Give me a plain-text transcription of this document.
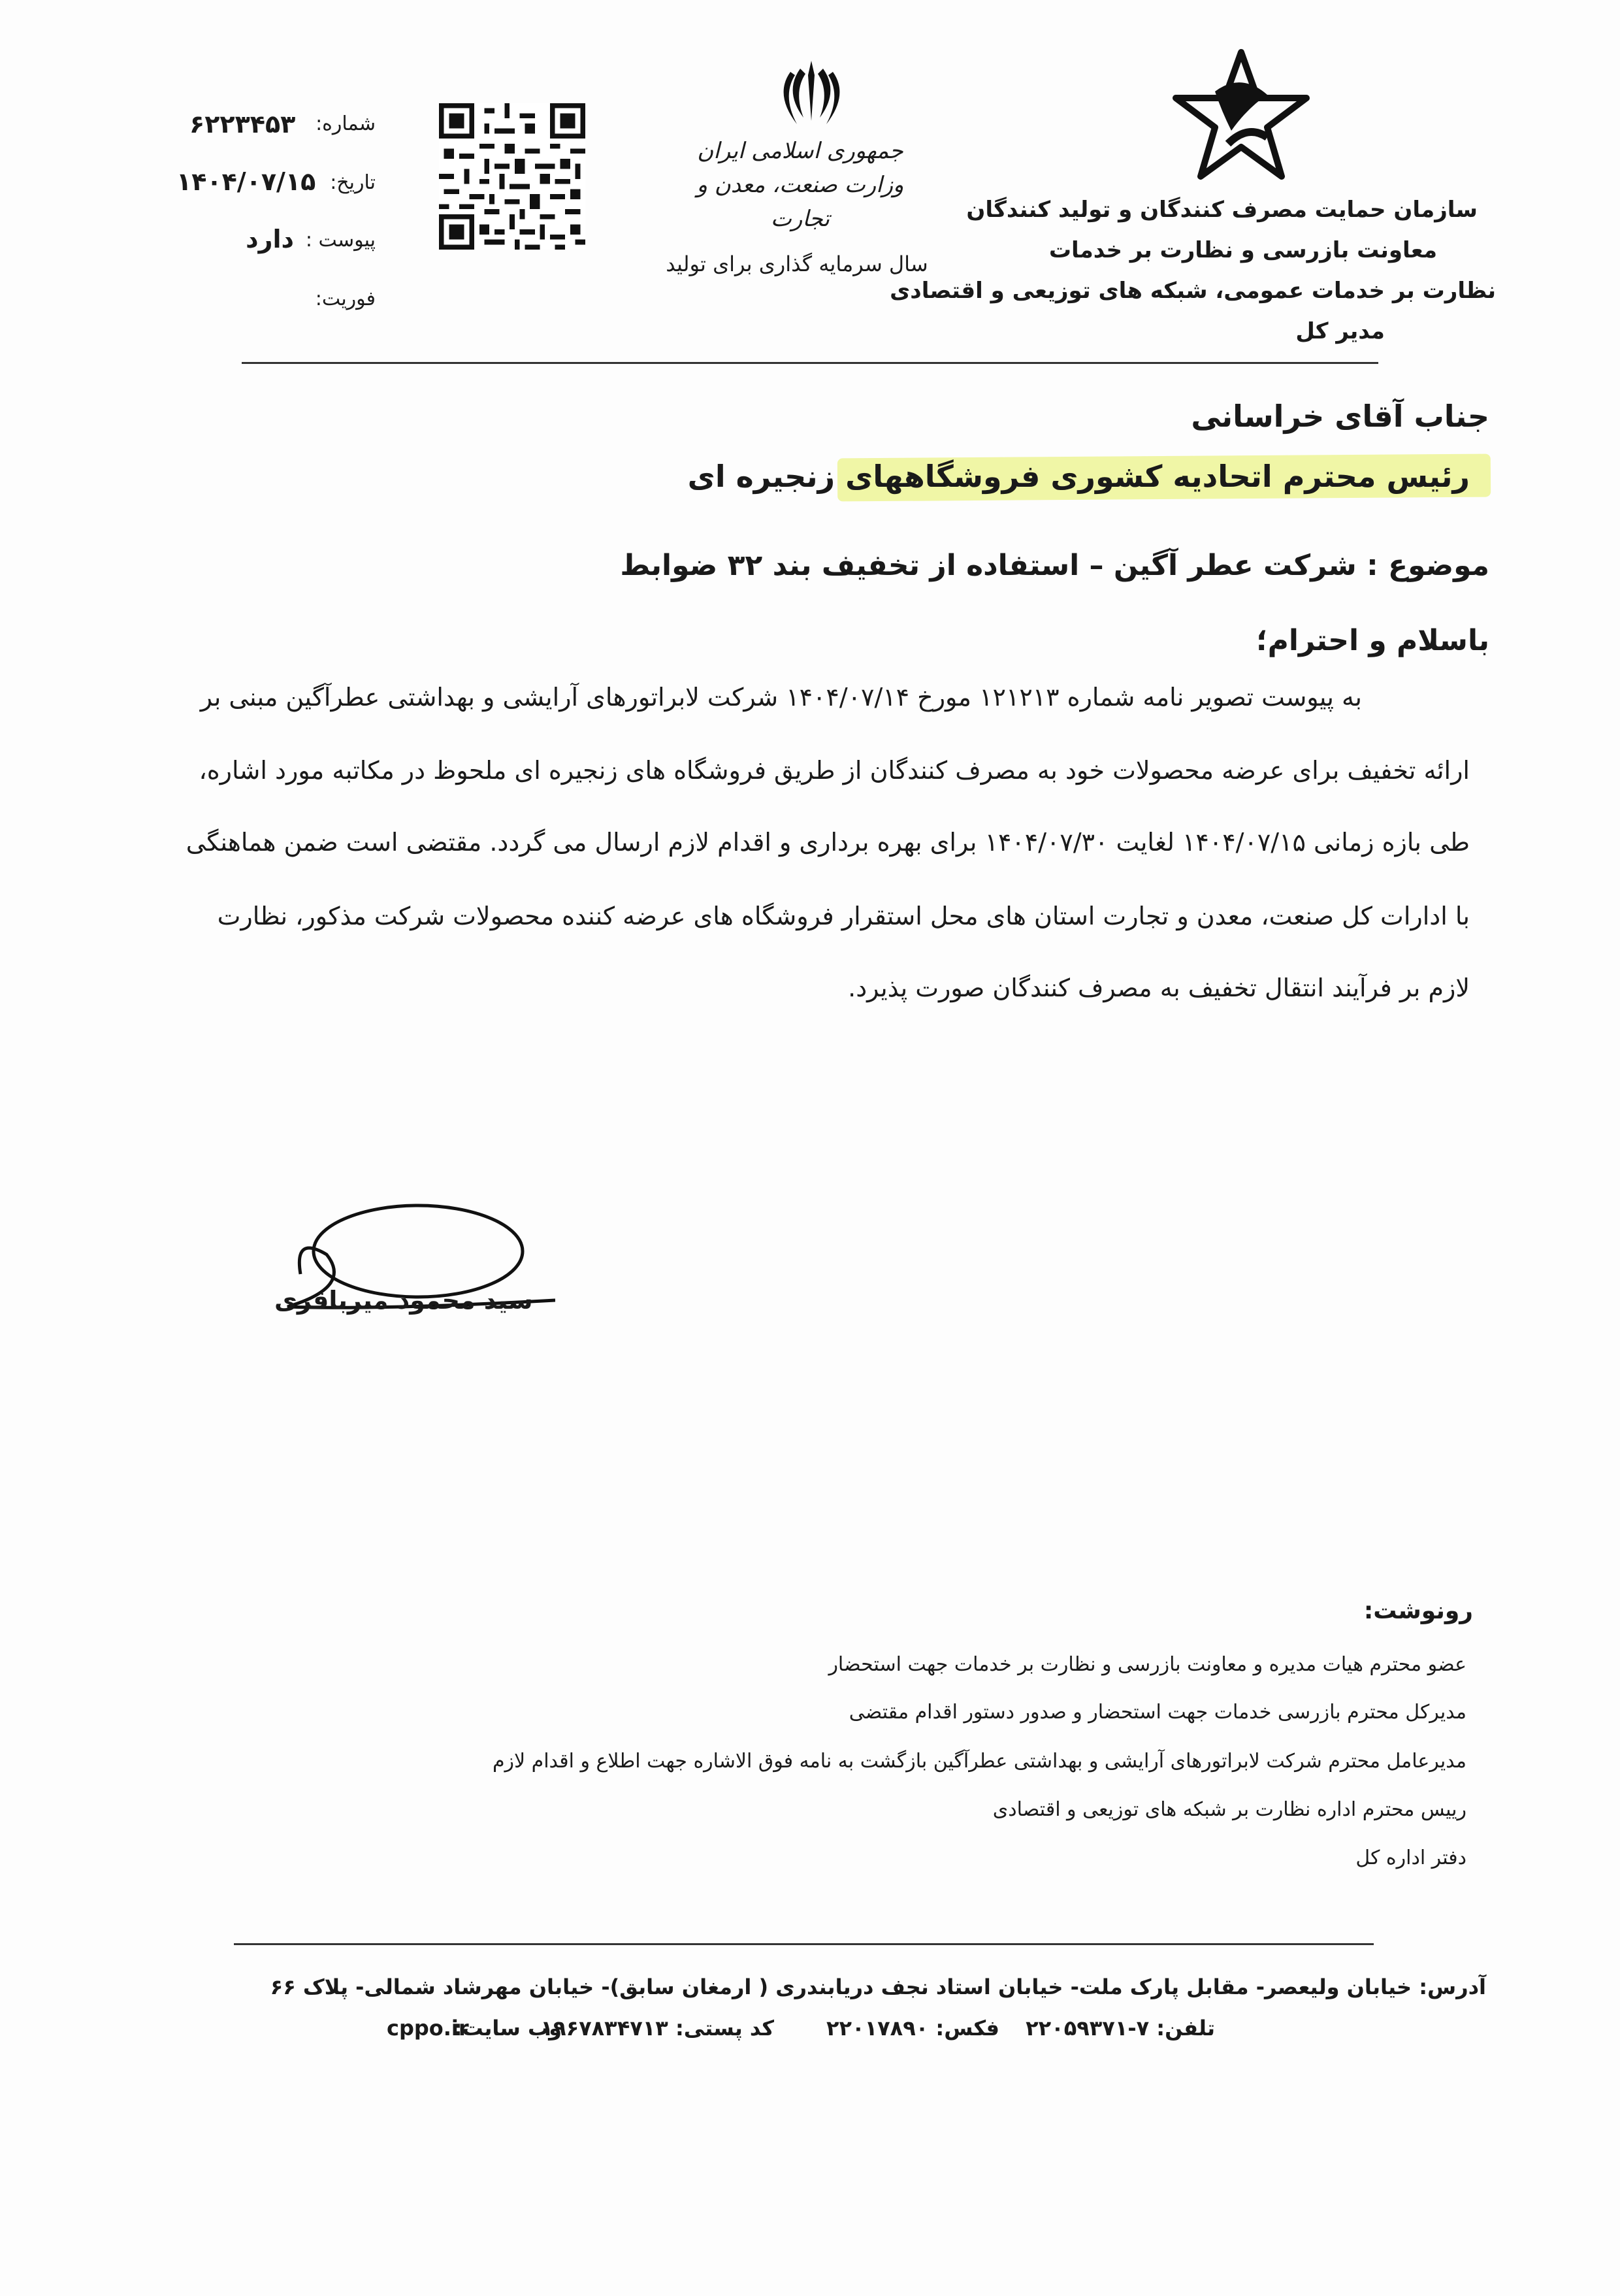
سازمان حمایت مصرف کنندگان و تولید کنندگان
معاونت بازرسی و نظارت بر خدمات
نظارت بر خدمات عمومی، شبکه های توزیعی و اقتصادی
مدیر کل
جمهوری اسلامی ایران
وزارت صنعت، معدن و تجارت
سال سرمایه گذاری برای تولید
شماره:
۶۲۲۳۴۵۳
تاریخ:
۱۴۰۴/۰۷/۱۵
پیوست :
دارد
فوریت:
جناب آقای خراسانی
رئیس محترم اتحادیه کشوری فروشگاههای زنجیره ای
موضوع : شرکت عطر آگین – استفاده از تخفیف بند ۳۲ ضوابط
باسلام و احترام؛
به پیوست تصویر نامه شماره ۱۲۱۲۱۳ مورخ ۱۴۰۴/۰۷/۱۴ شرکت لابراتورهای آرایشی و بهداشتی عطرآگین مبنی بر
ارائه تخفیف برای عرضه محصولات خود به مصرف کنندگان از طریق فروشگاه های زنجیره ای ملحوظ در مکاتبه مورد اشاره،
طی بازه زمانی ۱۴۰۴/۰۷/۱۵ لغایت ۱۴۰۴/۰۷/۳۰ برای بهره برداری و اقدام لازم ارسال می گردد. مقتضی است ضمن هماهنگی
با ادارات کل صنعت، معدن و تجارت استان های محل استقرار فروشگاه های عرضه کننده محصولات شرکت مذکور، نظارت
لازم بر فرآیند انتقال تخفیف به مصرف کنندگان صورت پذیرد.
سید محمود میرباقری
رونوشت:
عضو محترم هیات مدیره و معاونت بازرسی و نظارت بر خدمات جهت استحضار
مدیرکل محترم بازرسی خدمات جهت استحضار و صدور دستور اقدام مقتضی
مدیرعامل محترم شرکت لابراتورهای آرایشی و بهداشتی عطرآگین بازگشت به نامه فوق الاشاره جهت اطلاع و اقدام لازم
رییس محترم اداره نظارت بر شبکه های توزیعی و اقتصادی
دفتر اداره کل
آدرس: خیابان ولیعصر- مقابل پارک ملت- خیابان استاد نجف دریابندری ( ارمغان سابق)- خیابان مهرشاد شمالی- پلاک ۶۶
تلفن: ۷-۲۲۰۵۹۳۷۱
فکس: ۲۲۰۱۷۸۹۰
کد پستی: ۱۹۶۷۸۳۴۷۱۳
وب سایت:
cppo.ir
